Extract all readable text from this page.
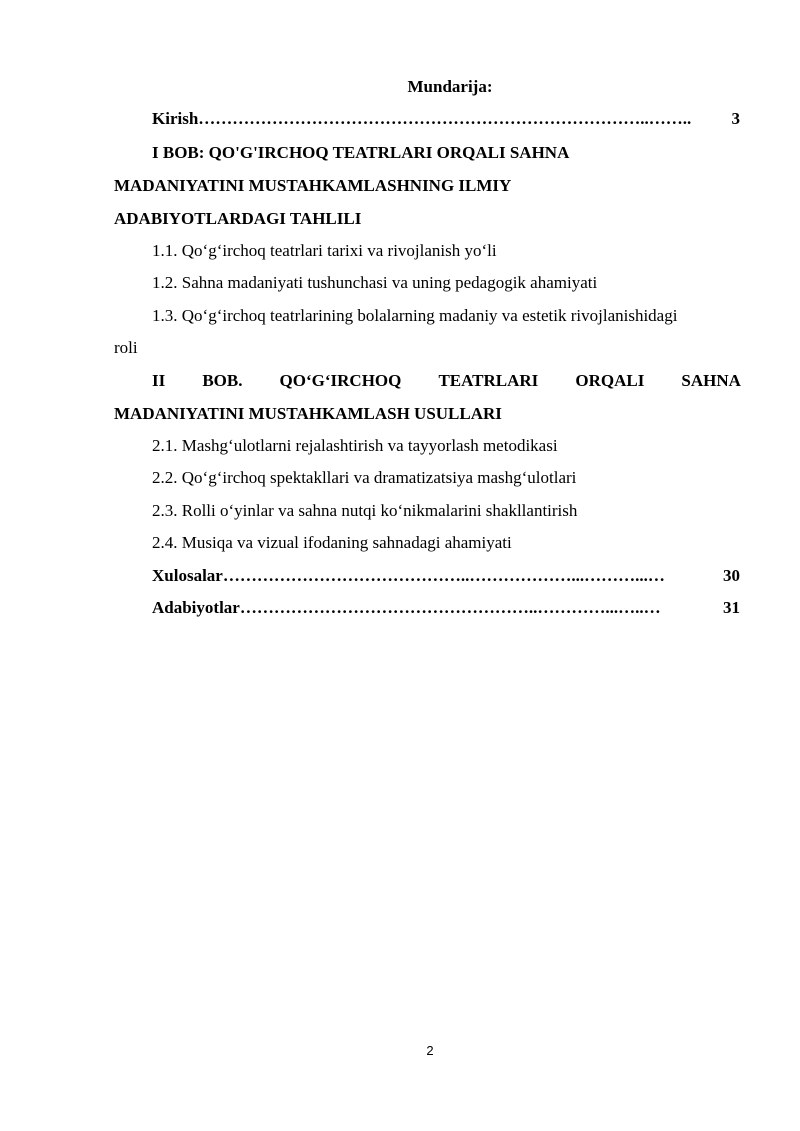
Mundarija:
Kirish ……………………………………………………………………..……..	3
I BOB: QO'G'IRCHOQ TEATRLARI ORQALI SAHNA
MADANIYATINI MUSTAHKAMLASHNING ILMIY
ADABIYOTLARDAGI TAHLILI
1.1. Qo‘g‘irchoq teatrlari tarixi va rivojlanish yo‘li
1.2. Sahna madaniyati tushunchasi va uning pedagogik ahamiyati
1.3. Qo‘g‘irchoq teatrlarining bolalarning madaniy va estetik rivojlanishidagi
roli
II BOB. QO‘G‘IRCHOQ TEATRLARI ORQALI SAHNA
MADANIYATINI MUSTAHKAMLASH USULLARI
2.1. Mashg‘ulotlarni rejalashtirish va tayyorlash metodikasi
2.2. Qo‘g‘irchoq spektakllari va dramatizatsiya mashg‘ulotlari
2.3. Rolli o‘yinlar va sahna nutqi ko‘nikmalarini shakllantirish
2.4. Musiqa va vizual ifodaning sahnadagi ahamiyati
Xulosalar ……………………………………..………………...………...…	30
Adabiyotlar ……………………………………………..…………...…..…	31
2
